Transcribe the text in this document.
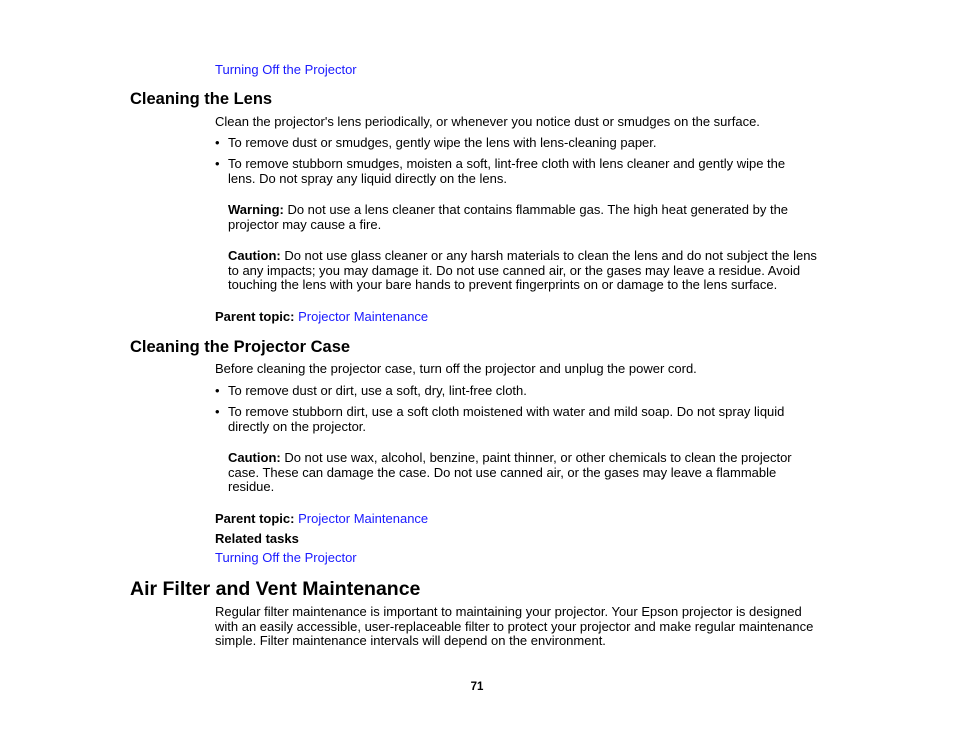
Turning Off the Projector
Cleaning the Lens

Clean the projector's lens periodically, or whenever you notice dust or smudges on the surface.

• To remove dust or smudges, gently wipe the lens with lens-cleaning paper.
• To remove stubborn smudges, moisten a soft, lint-free cloth with lens cleaner and gently wipe the lens. Do not spray any liquid directly on the lens.

Warning: Do not use a lens cleaner that contains flammable gas. The high heat generated by the projector may cause a fire.

Caution: Do not use glass cleaner or any harsh materials to clean the lens and do not subject the lens to any impacts; you may damage it. Do not use canned air, or the gases may leave a residue. Avoid touching the lens with your bare hands to prevent fingerprints on or damage to the lens surface.

Parent topic: Projector Maintenance

Cleaning the Projector Case

Before cleaning the projector case, turn off the projector and unplug the power cord.

• To remove dust or dirt, use a soft, dry, lint-free cloth.
• To remove stubborn dirt, use a soft cloth moistened with water and mild soap. Do not spray liquid directly on the projector.

Caution: Do not use wax, alcohol, benzine, paint thinner, or other chemicals to clean the projector case. These can damage the case. Do not use canned air, or the gases may leave a flammable residue.

Parent topic: Projector Maintenance

Related tasks

Turning Off the Projector
Air Filter and Vent Maintenance

Regular filter maintenance is important to maintaining your projector. Your Epson projector is designed with an easily accessible, user-replaceable filter to protect your projector and make regular maintenance simple. Filter maintenance intervals will depend on the environment.

71
